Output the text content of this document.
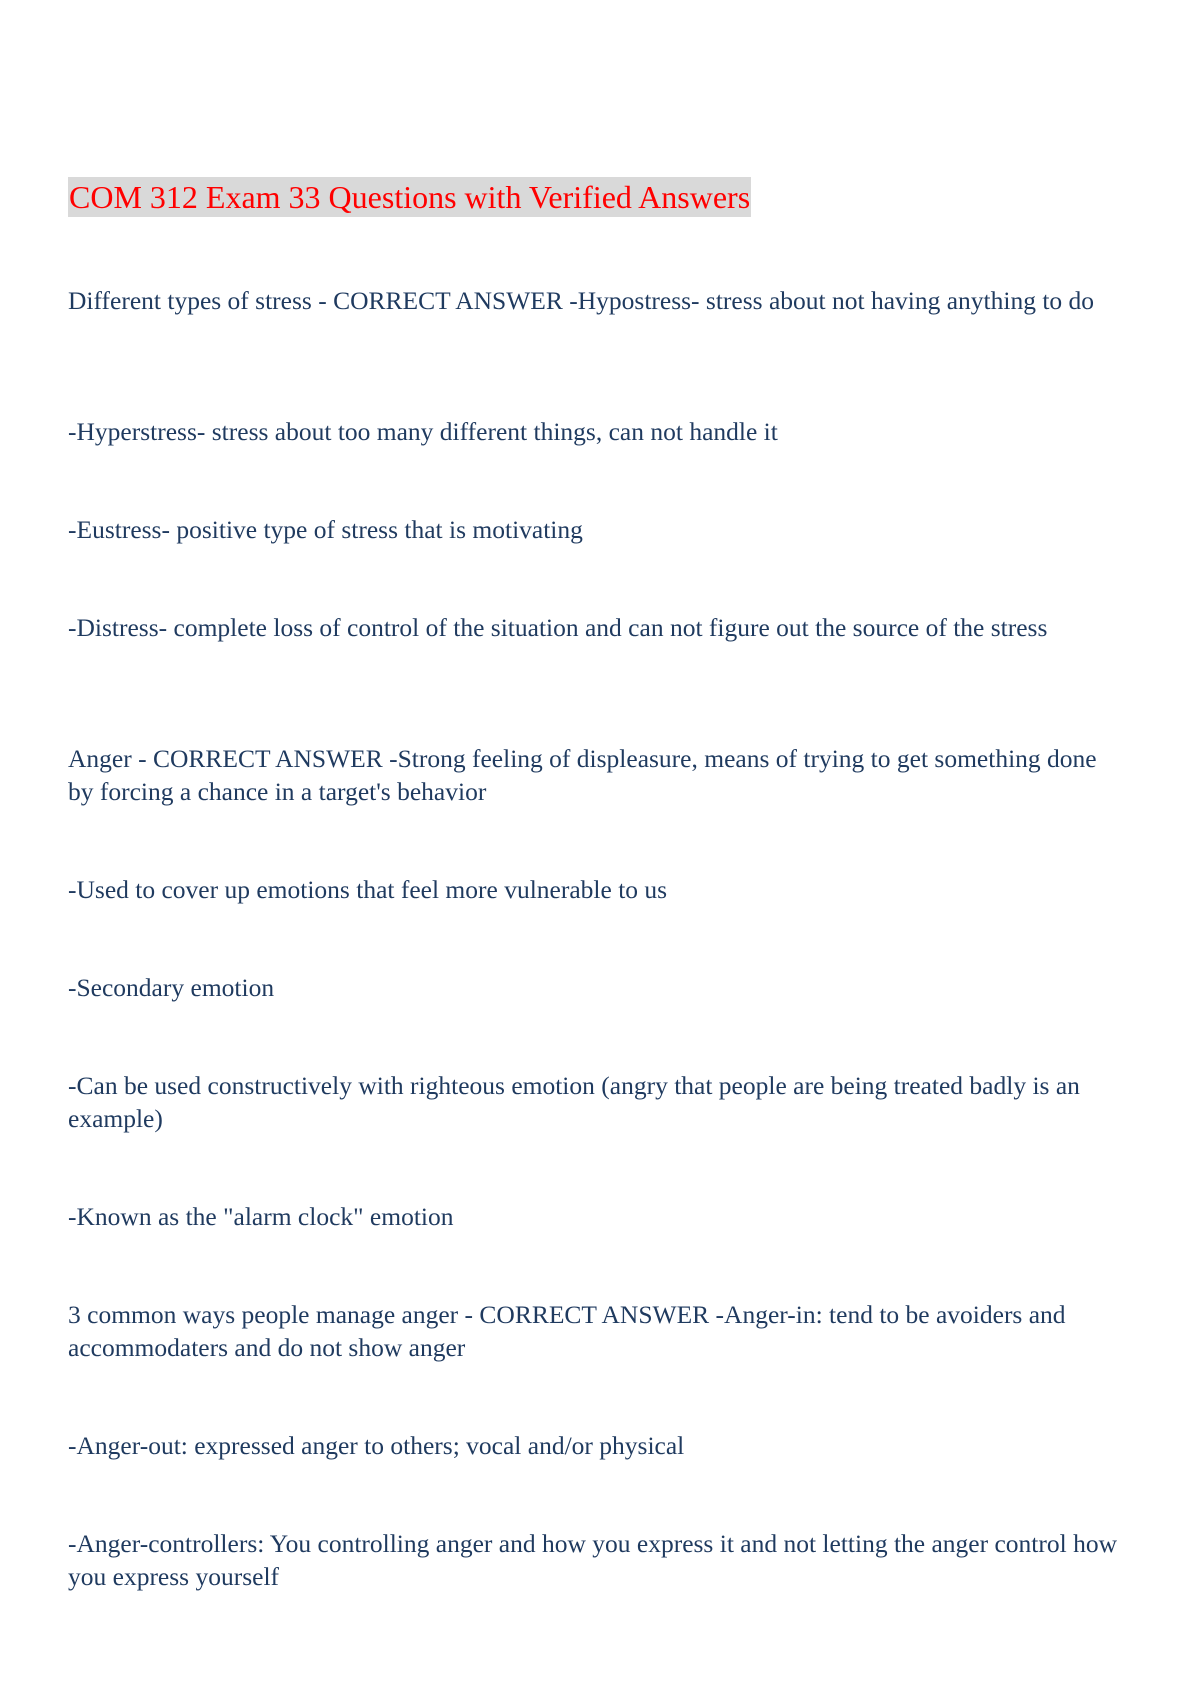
COM 312 Exam 33 Questions with Verified Answers

Different types of stress - CORRECT ANSWER -Hypostress- stress about not having anything to do

-Hyperstress- stress about too many different things, can not handle it

-Eustress- positive type of stress that is motivating

-Distress- complete loss of control of the situation and can not figure out the source of the stress

Anger - CORRECT ANSWER -Strong feeling of displeasure, means of trying to get something done by forcing a chance in a target's behavior

-Used to cover up emotions that feel more vulnerable to us

-Secondary emotion

-Can be used constructively with righteous emotion (angry that people are being treated badly is an example)

-Known as the "alarm clock" emotion

3 common ways people manage anger - CORRECT ANSWER -Anger-in: tend to be avoiders and accommodaters and do not show anger

-Anger-out: expressed anger to others; vocal and/or physical

-Anger-controllers: You controlling anger and how you express it and not letting the anger control how you express yourself
